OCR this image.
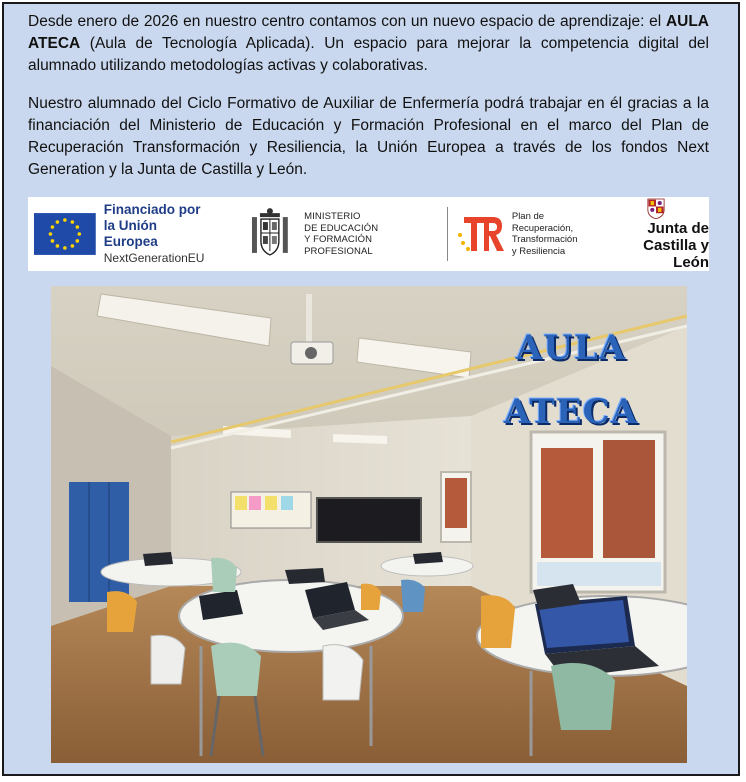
Desde enero de 2026 en nuestro centro contamos con un nuevo espacio de aprendizaje: el AULA ATECA (Aula de Tecnología Aplicada). Un espacio para mejorar la competencia digital del alumnado utilizando metodologías activas y colaborativas.

Nuestro alumnado del Ciclo Formativo de Auxiliar de Enfermería podrá trabajar en él gracias a la financiación del Ministerio de Educación y Formación Profesional en el marco del Plan de Recuperación Transformación y Resiliencia, la Unión Europea a través de los fondos Next Generation y la Junta de Castilla y León.

Financiado por
la Unión Europea
NextGenerationEU
MINISTERIO
DE EDUCACIÓN
Y FORMACIÓN PROFESIONAL
Plan de
Recuperación,
Transformación
y Resiliencia
Junta de
Castilla y León
AULA
ATECA
